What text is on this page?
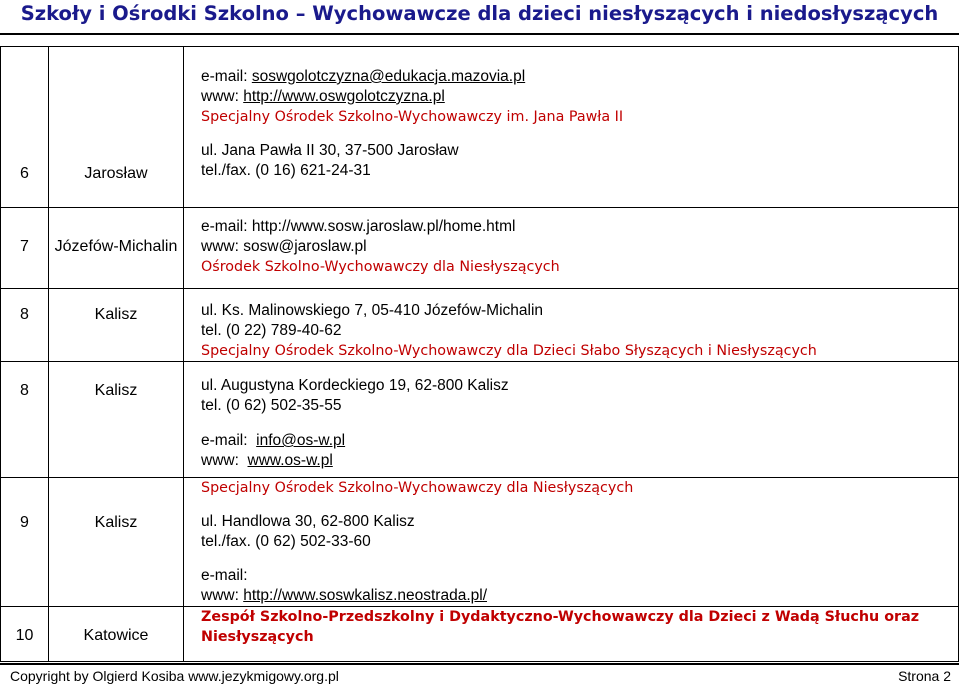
Szkoły i Ośrodki Szkolno – Wychowawcze dla dzieci niesłyszących i niedosłyszących
6	Jarosław	e-mail: soswgolotczyzna@edukacja.mazovia.pl
www: http://www.oswgolotczyzna.pl
Specjalny Ośrodek Szkolno-Wychowawczy im. Jana Pawła II
ul. Jana Pawła II 30, 37-500 Jarosław
tel./fax. (0 16) 621-24-31

7	Józefów-Michalin	e-mail: http://www.sosw.jaroslaw.pl/home.html
www: sosw@jaroslaw.pl
Ośrodek Szkolno-Wychowawczy dla Niesłyszących

8	Kalisz	ul. Ks. Malinowskiego 7, 05-410 Józefów-Michalin
tel. (0 22) 789-40-62
Specjalny Ośrodek Szkolno-Wychowawczy dla Dzieci Słabo Słyszących i Niesłyszących

8	Kalisz	ul. Augustyna Kordeckiego 19, 62-800 Kalisz
tel. (0 62) 502-35-55
e-mail: info@os-w.pl
www: www.os-w.pl

9	Kalisz	Specjalny Ośrodek Szkolno-Wychowawczy dla Niesłyszących
ul. Handlowa 30, 62-800 Kalisz
tel./fax. (0 62) 502-33-60
e-mail:
www: http://www.soswkalisz.neostrada.pl/

10	Katowice	Zespół Szkolno-Przedszkolny i Dydaktyczno-Wychowawczy dla Dzieci z Wadą Słuchu oraz
Niesłyszących
Copyright by Olgierd Kosiba www.jezykmigowy.org.pl	Strona 2
